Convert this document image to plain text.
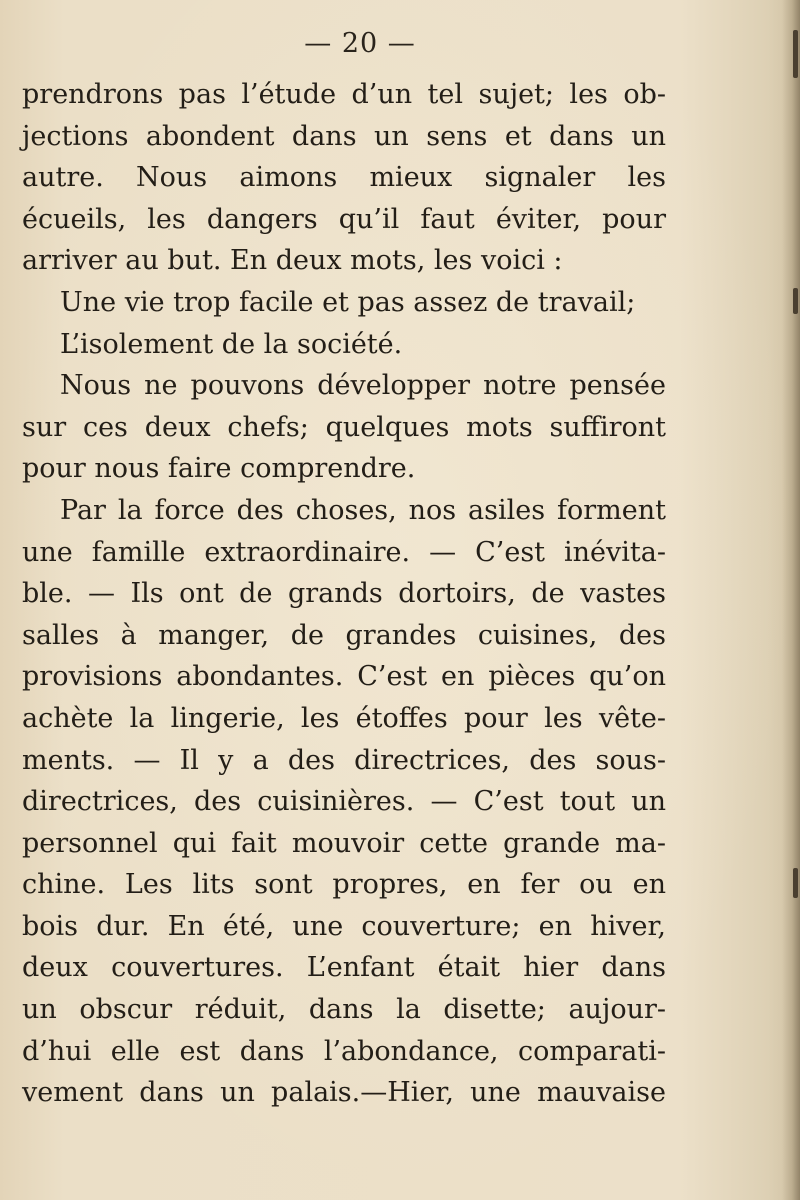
— 20 —
prendrons pas l’étude d’un tel sujet; les ob-
jections abondent dans un sens et dans un
autre. Nous aimons mieux signaler les
écueils, les dangers qu’il faut éviter, pour
arriver au but. En deux mots, les voici :
Une vie trop facile et pas assez de travail;
L’isolement de la société.
Nous ne pouvons développer notre pensée
sur ces deux chefs; quelques mots suffiront
pour nous faire comprendre.
Par la force des choses, nos asiles forment
une famille extraordinaire. — C’est inévita-
ble. — Ils ont de grands dortoirs, de vastes
salles à manger, de grandes cuisines, des
provisions abondantes. C’est en pièces qu’on
achète la lingerie, les étoffes pour les vête-
ments. — Il y a des directrices, des sous-
directrices, des cuisinières. — C’est tout un
personnel qui fait mouvoir cette grande ma-
chine. Les lits sont propres, en fer ou en
bois dur. En été, une couverture; en hiver,
deux couvertures. L’enfant était hier dans
un obscur réduit, dans la disette; aujour-
d’hui elle est dans l’abondance, comparati-
vement dans un palais.—Hier, une mauvaise
